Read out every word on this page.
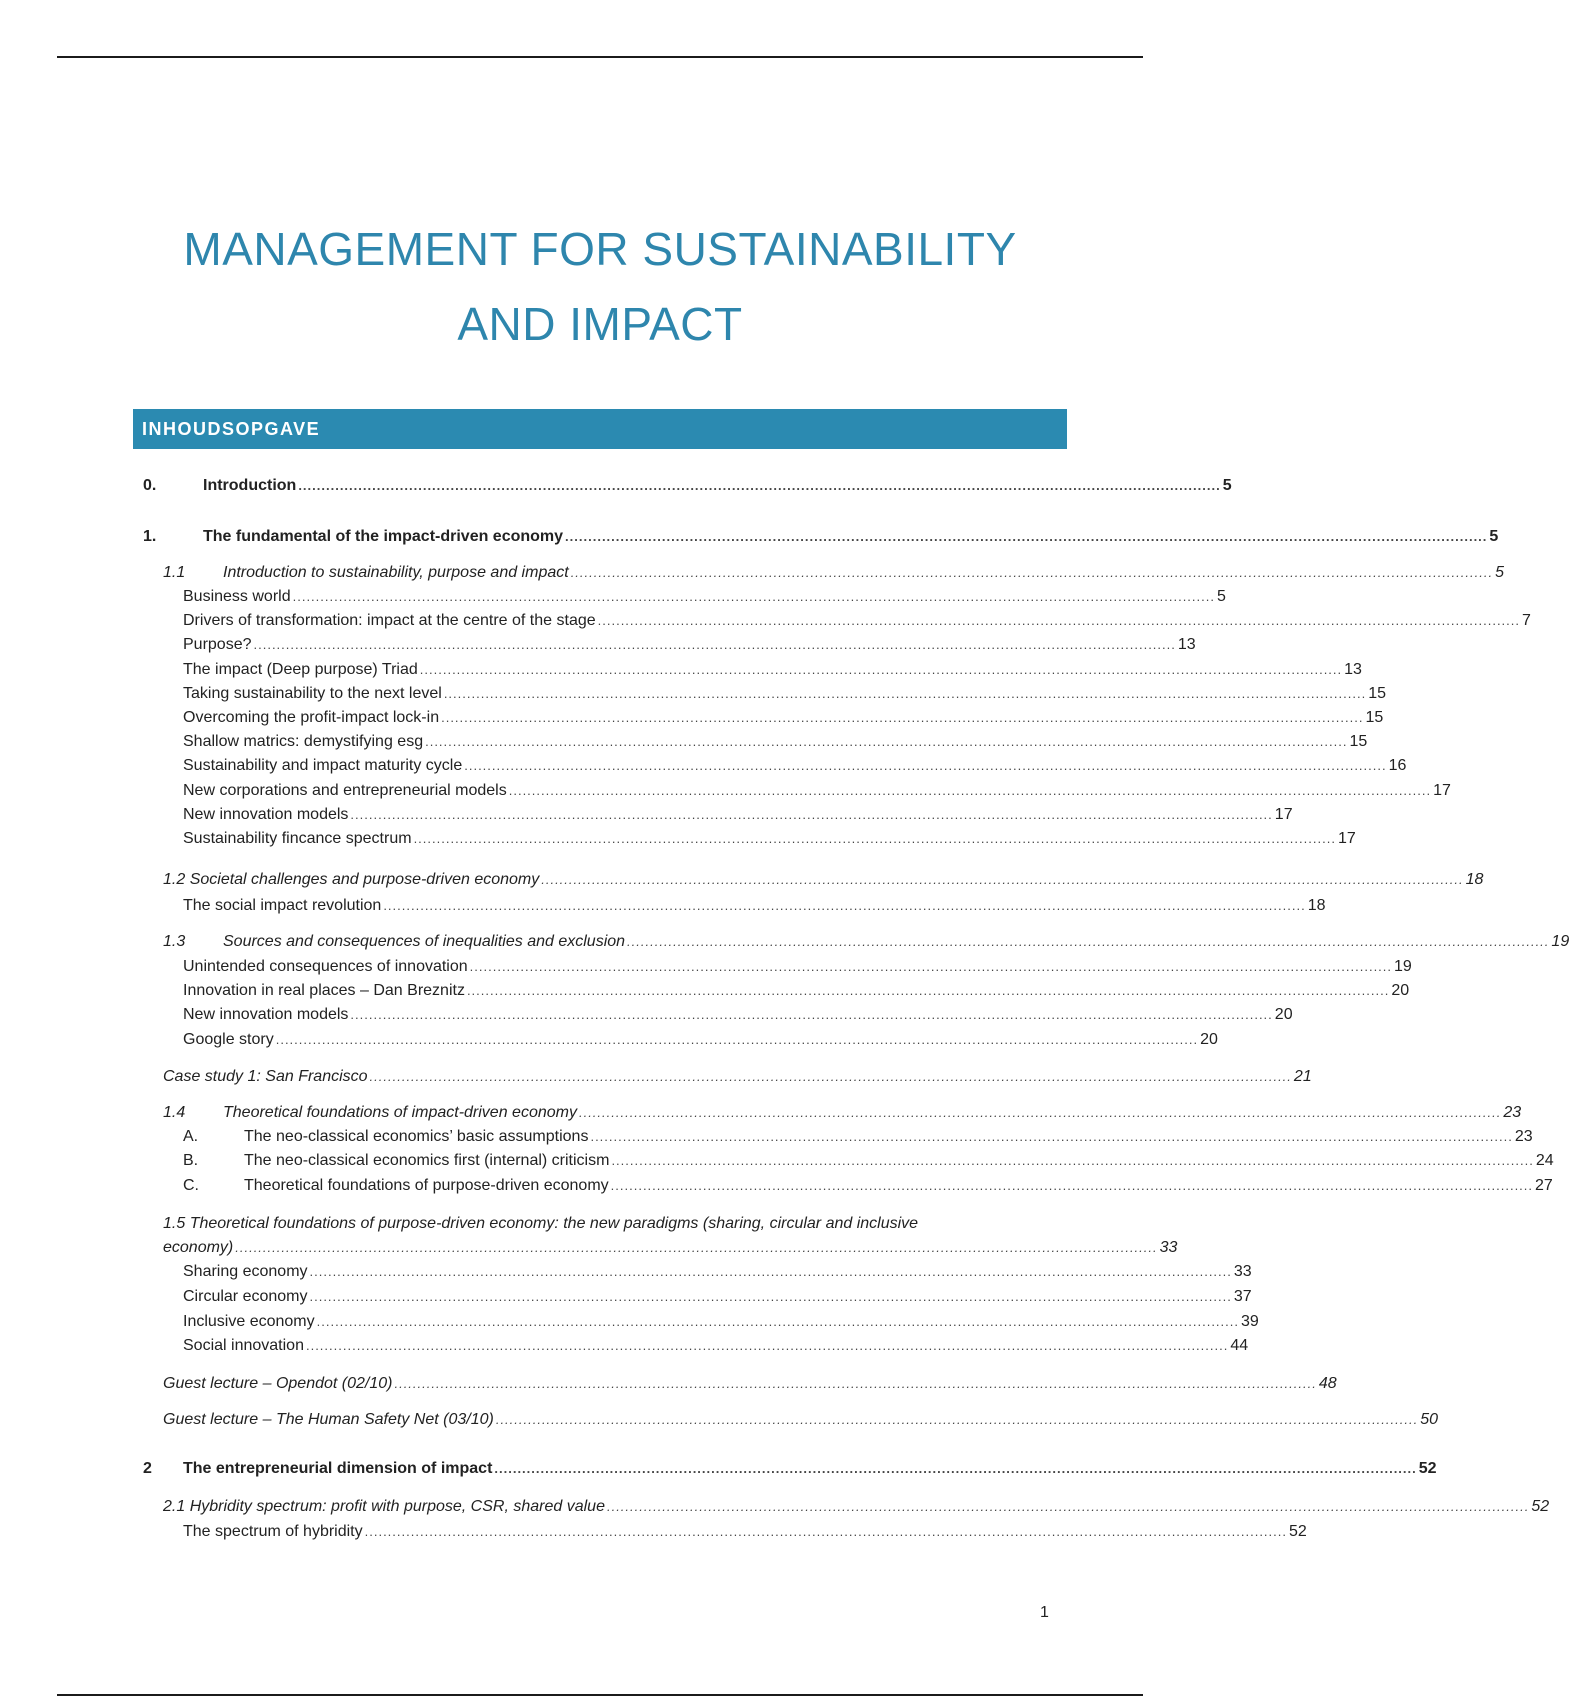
MANAGEMENT FOR SUSTAINABILITY
AND IMPACT
INHOUDSOPGAVE
0.	Introduction ........................................................................................................................................................................................................ 5
1.	The fundamental of the impact-driven economy ........................................................................................................................................................................................................ 5
1.1	Introduction to sustainability, purpose and impact ........................................................................................................................................................................................................ 5
Business world ........................................................................................................................................................................................................ 5
Drivers of transformation: impact at the centre of the stage ........................................................................................................................................................................................................ 7
Purpose? ........................................................................................................................................................................................................ 13
The impact (Deep purpose) Triad ........................................................................................................................................................................................................ 13
Taking sustainability to the next level ........................................................................................................................................................................................................ 15
Overcoming the profit-impact lock-in ........................................................................................................................................................................................................ 15
Shallow matrics: demystifying esg ........................................................................................................................................................................................................ 15
Sustainability and impact maturity cycle ........................................................................................................................................................................................................ 16
New corporations and entrepreneurial models ........................................................................................................................................................................................................ 17
New innovation models ........................................................................................................................................................................................................ 17
Sustainability fincance spectrum ........................................................................................................................................................................................................ 17
1.2 Societal challenges and purpose-driven economy ........................................................................................................................................................................................................ 18
The social impact revolution ........................................................................................................................................................................................................ 18
1.3	Sources and consequences of inequalities and exclusion ........................................................................................................................................................................................................ 19
Unintended consequences of innovation ........................................................................................................................................................................................................ 19
Innovation in real places – Dan Breznitz ........................................................................................................................................................................................................ 20
New innovation models ........................................................................................................................................................................................................ 20
Google story ........................................................................................................................................................................................................ 20
Case study 1: San Francisco ........................................................................................................................................................................................................ 21
1.4	Theoretical foundations of impact-driven economy ........................................................................................................................................................................................................ 23
A.	The neo-classical economics’ basic assumptions ........................................................................................................................................................................................................ 23
B.	The neo-classical economics first (internal) criticism ........................................................................................................................................................................................................ 24
C.	Theoretical foundations of purpose-driven economy ........................................................................................................................................................................................................ 27
1.5 Theoretical foundations of purpose-driven economy: the new paradigms (sharing, circular and inclusive
economy) ........................................................................................................................................................................................................ 33
Sharing economy ........................................................................................................................................................................................................ 33
Circular economy ........................................................................................................................................................................................................ 37
Inclusive economy ........................................................................................................................................................................................................ 39
Social innovation ........................................................................................................................................................................................................ 44
Guest lecture – Opendot (02/10) ........................................................................................................................................................................................................ 48
Guest lecture – The Human Safety Net (03/10) ........................................................................................................................................................................................................ 50
2	The entrepreneurial dimension of impact ........................................................................................................................................................................................................ 52
2.1 Hybridity spectrum: profit with purpose, CSR, shared value ........................................................................................................................................................................................................ 52
The spectrum of hybridity ........................................................................................................................................................................................................ 52
1
